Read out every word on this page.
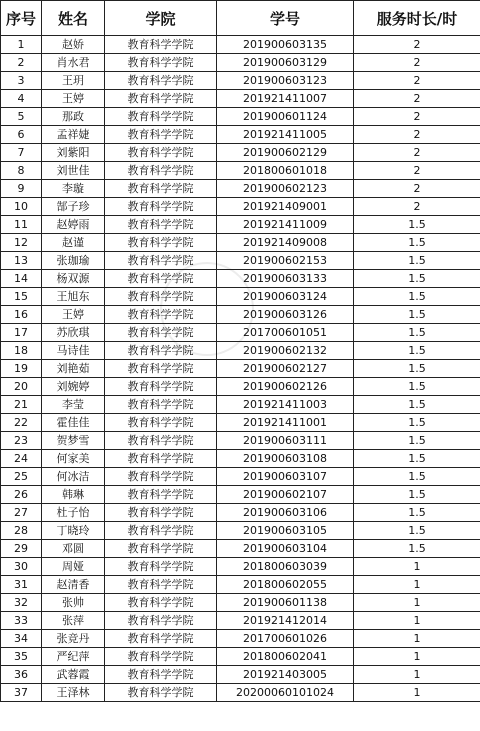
序号	姓名	学院	学号	服务时长/时
1	赵娇	教育科学学院	201900603135	2
2	肖水君	教育科学学院	201900603129	2
3	王玥	教育科学学院	201900603123	2
4	王婷	教育科学学院	201921411007	2
5	那政	教育科学学院	201900601124	2
6	孟祥婕	教育科学学院	201921411005	2
7	刘紫阳	教育科学学院	201900602129	2
8	刘世佳	教育科学学院	201800601018	2
9	李璇	教育科学学院	201900602123	2
10	郜子珍	教育科学学院	201921409001	2
11	赵婷雨	教育科学学院	201921411009	1.5
12	赵谨	教育科学学院	201921409008	1.5
13	张珈瑜	教育科学学院	201900602153	1.5
14	杨双源	教育科学学院	201900603133	1.5
15	王旭东	教育科学学院	201900603124	1.5
16	王婷	教育科学学院	201900603126	1.5
17	苏欣琪	教育科学学院	201700601051	1.5
18	马诗佳	教育科学学院	201900602132	1.5
19	刘艳茹	教育科学学院	201900602127	1.5
20	刘婉婷	教育科学学院	201900602126	1.5
21	李莹	教育科学学院	201921411003	1.5
22	霍佳佳	教育科学学院	201921411001	1.5
23	贺梦雪	教育科学学院	201900603111	1.5
24	何家美	教育科学学院	201900603108	1.5
25	何冰洁	教育科学学院	201900603107	1.5
26	韩琳	教育科学学院	201900602107	1.5
27	杜子怡	教育科学学院	201900603106	1.5
28	丁晓玲	教育科学学院	201900603105	1.5
29	邓圆	教育科学学院	201900603104	1.5
30	周娅	教育科学学院	201800603039	1
31	赵清香	教育科学学院	201800602055	1
32	张帅	教育科学学院	201900601138	1
33	张萍	教育科学学院	201921412014	1
34	张竞丹	教育科学学院	201700601026	1
35	严纪萍	教育科学学院	201800602041	1
36	武蓉霞	教育科学学院	201921403005	1
37	王泽林	教育科学学院	20200060101024	1
